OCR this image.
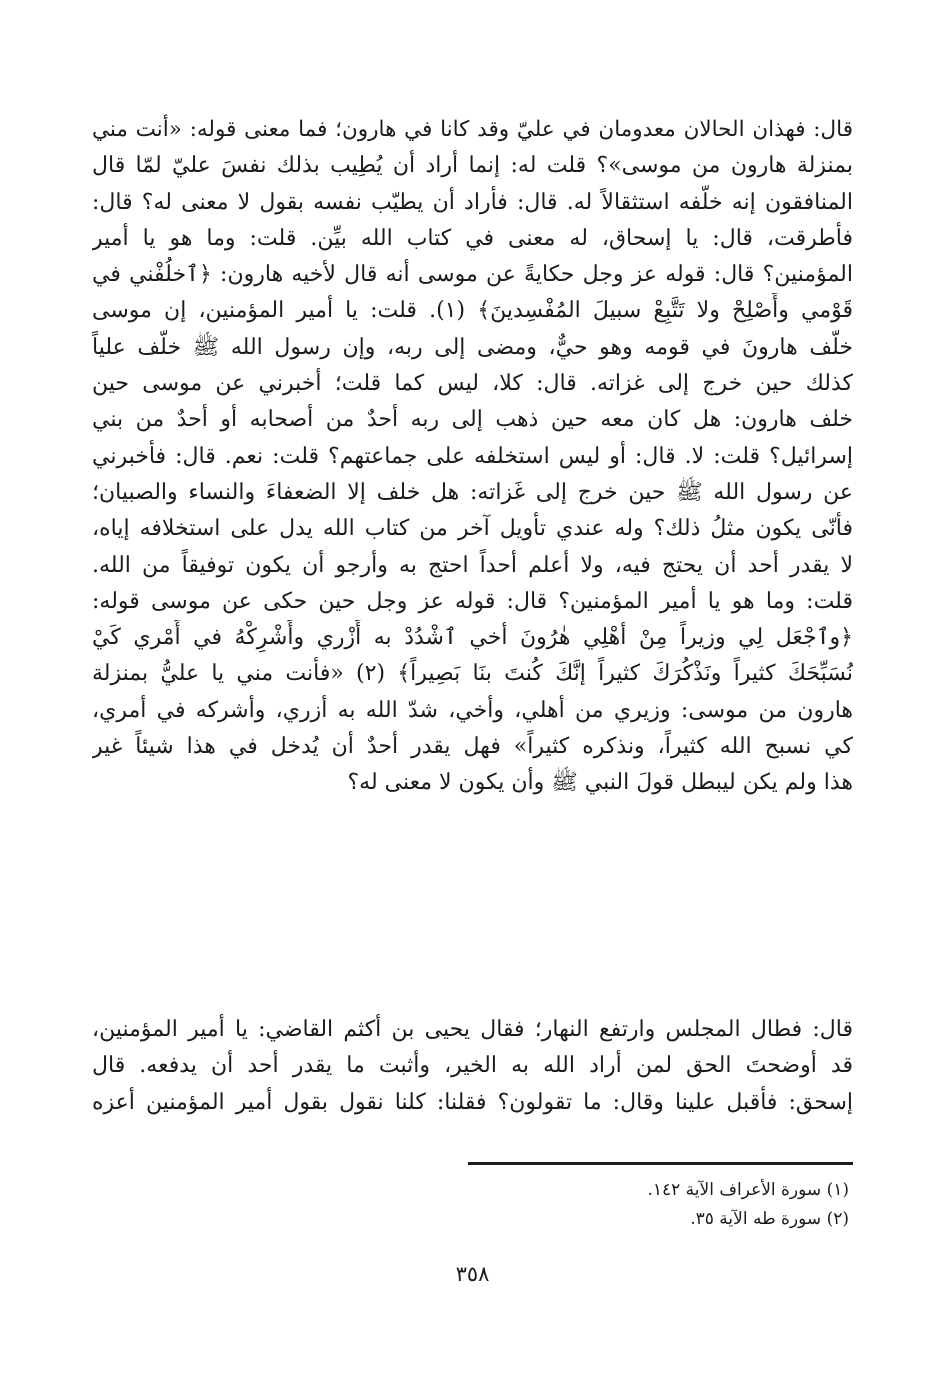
قال: فهذان الحالان معدومان في عليّ وقد كانا في هارون؛ فما معنى قوله: «أنت مني
بمنزلة هارون من موسى»؟ قلت له: إنما أراد أن يُطِيب بذلك نفسَ عليّ لمّا قال
المنافقون إنه خلّفه استثقالاً له. قال: فأراد أن يطيّب نفسه بقول لا معنى له؟ قال:
فأطرقت، قال: يا إسحاق، له معنى في كتاب الله بيِّن. قلت: وما هو يا أمير
المؤمنين؟ قال: قوله عز وجل حكايةً عن موسى أنه قال لأخيه هارون: ﴿ٱخلُفْني في
قَوْمي وأَصْلِحْ ولا تَتَّبِعْ سبيلَ المُفْسِدينَ﴾ (١). قلت: يا أمير المؤمنين، إن موسى
خلّف هارونَ في قومه وهو حيٌّ، ومضى إلى ربه، وإن رسول الله ﷺ خلّف علياً
كذلك حين خرج إلى غزاته. قال: كلا، ليس كما قلت؛ أخبرني عن موسى حين
خلف هارون: هل كان معه حين ذهب إلى ربه أحدٌ من أصحابه أو أحدٌ من بني
إسرائيل؟ قلت: لا. قال: أو ليس استخلفه على جماعتهم؟ قلت: نعم. قال: فأخبرني
عن رسول الله ﷺ حين خرج إلى غَزاته: هل خلف إلا الضعفاءَ والنساء والصبيان؛
فأنّى يكون مثلُ ذلك؟ وله عندي تأويل آخر من كتاب الله يدل على استخلافه إياه،
لا يقدر أحد أن يحتج فيه، ولا أعلم أحداً احتج به وأرجو أن يكون توفيقاً من الله.
قلت: وما هو يا أمير المؤمنين؟ قال: قوله عز وجل حين حكى عن موسى قوله:
﴿وٱجْعَل لِي وزيراً مِنْ أهْلِي هٰرُونَ أخي ٱشْدُدْ به أَزْري وأَشْرِكْهُ في أَمْري كَيْ
نُسَبِّحَكَ كثيراً ونَذْكُرَكَ كثيراً إنَّكَ كُنتَ بنَا بَصِيراً﴾ (٢) «فأنت مني يا عليُّ بمنزلة
هارون من موسى: وزيري من أهلي، وأخي، شدّ الله به أزري، وأشركه في أمري،
كي نسبح الله كثيراً، ونذكره كثيراً» فهل يقدر أحدٌ أن يُدخل في هذا شيئاً غير
هذا ولم يكن ليبطل قولَ النبي ﷺ وأن يكون لا معنى له؟
قال: فطال المجلس وارتفع النهار؛ فقال يحيى بن أكثم القاضي: يا أمير المؤمنين،
قد أوضحتَ الحق لمن أراد الله به الخير، وأثبت ما يقدر أحد أن يدفعه. قال
إسحق: فأقبل علينا وقال: ما تقولون؟ فقلنا: كلنا نقول بقول أمير المؤمنين أعزه
(١) سورة الأعراف الآية ١٤٢.
(٢) سورة طه الآية ٣٥.
٣٥٨
